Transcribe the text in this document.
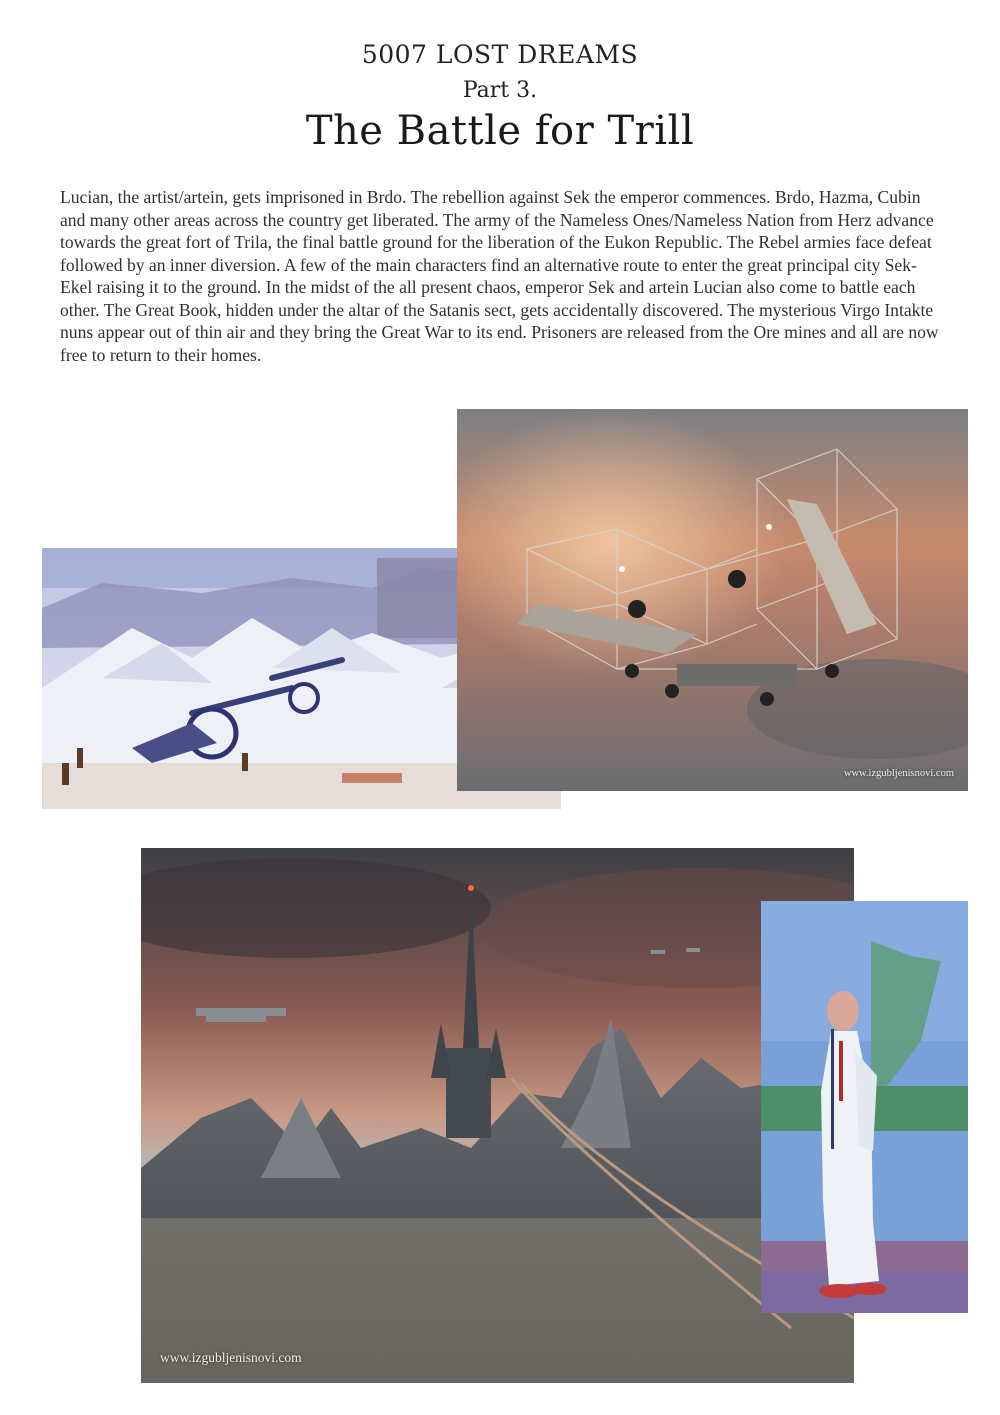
5007 LOST DREAMS
Part 3.
The Battle for Trill

Lucian, the artist/artein, gets imprisoned in Brdo. The rebellion against Sek the emperor commences. Brdo, Hazma, Cubin and many other areas across the country get liberated. The army of the Nameless Ones/Nameless Nation from Herz advance towards the great fort of Trila, the final battle ground for the liberation of the Eukon Republic. The Rebel armies face defeat followed by an inner diversion. A few of the main characters find an alternative route to enter the great principal city Sek-Ekel raising it to the ground. In the midst of the all present chaos, emperor Sek and artein Lucian also come to battle each other. The Great Book, hidden under the altar of the Satanis sect, gets accidentally discovered. The mysterious Virgo Intakte nuns appear out of thin air and they bring the Great War to its end. Prisoners are released from the Ore mines and all are now free to return to their homes.

www.izgubljenisnovi.com
www.izgubljenisnovi.com
